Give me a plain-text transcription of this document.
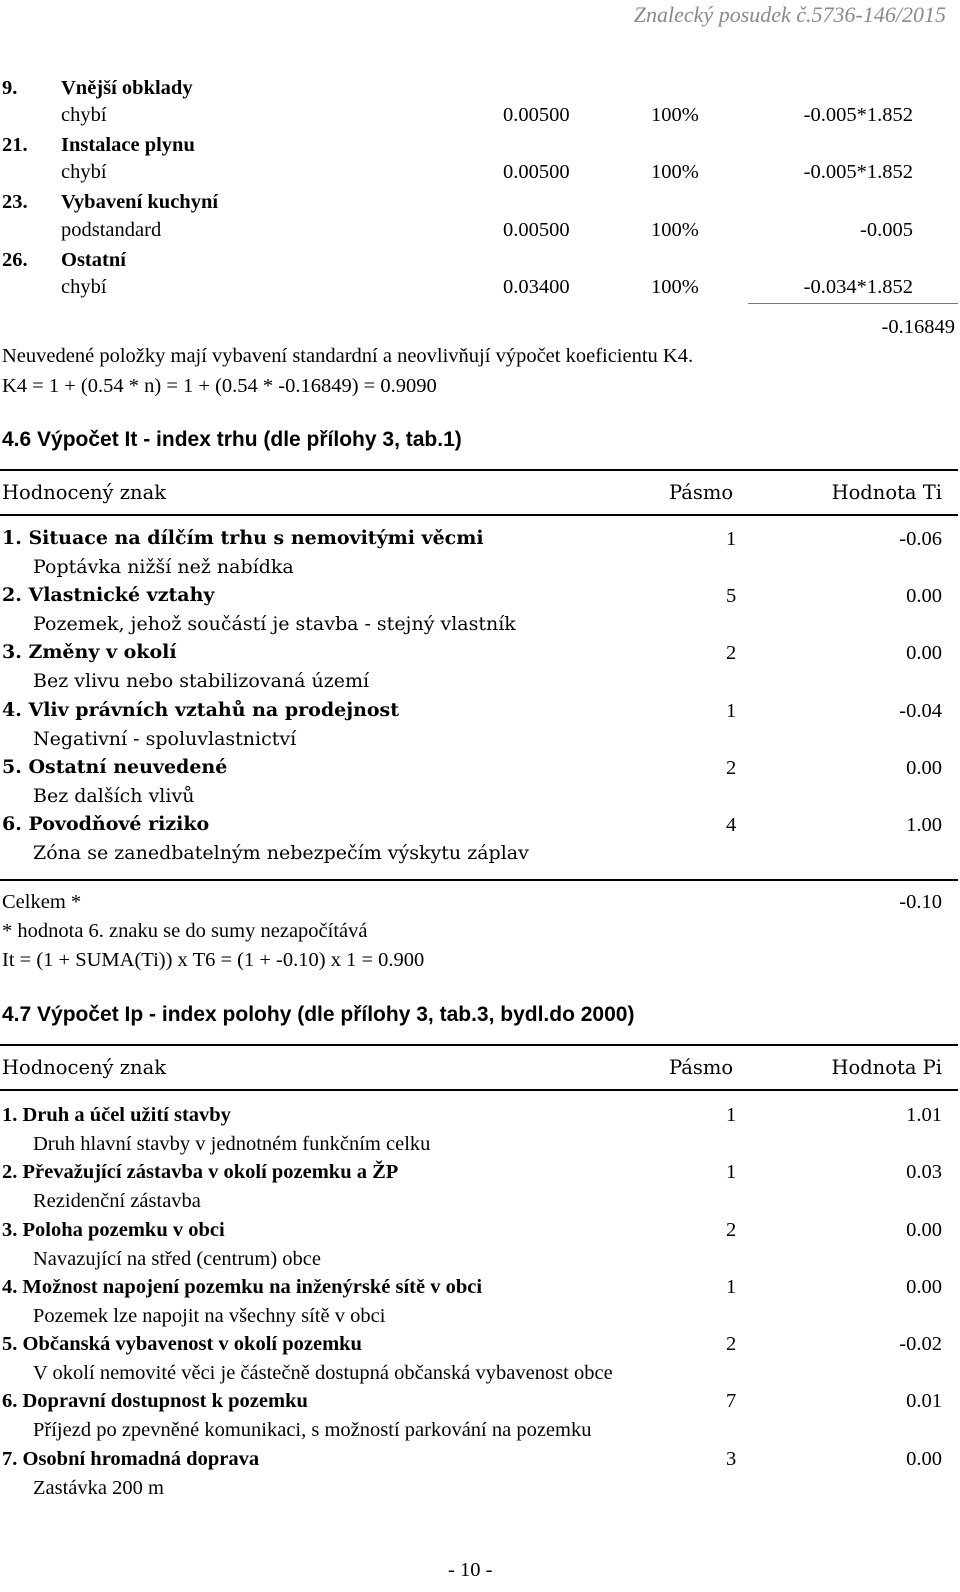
Znalecký posudek č.5736-146/2015
9. Vnější obklady
chybí	0.00500	100%	-0.005*1.852
21. Instalace plynu
chybí	0.00500	100%	-0.005*1.852
23. Vybavení kuchyní
podstandard	0.00500	100%	-0.005
26. Ostatní
chybí	0.03400	100%	-0.034*1.852
-0.16849
Neuvedené položky mají vybavení standardní a neovlivňují výpočet koeficientu K4.
K4 = 1 + (0.54 * n) = 1 + (0.54 * -0.16849) = 0.9090
4.6 Výpočet It - index trhu (dle přílohy 3, tab.1)
Hodnocený znak	Pásmo	Hodnota Ti
1. Situace na dílčím trhu s nemovitými věcmi
Poptávka nižší než nabídka
1	-0.06
2. Vlastnické vztahy
Pozemek, jehož součástí je stavba - stejný vlastník
5	0.00
3. Změny v okolí
Bez vlivu nebo stabilizovaná území
2	0.00
4. Vliv právních vztahů na prodejnost
Negativní - spoluvlastnictví
1	-0.04
5. Ostatní neuvedené
Bez dalších vlivů
2	0.00
6. Povodňové riziko
Zóna se zanedbatelným nebezpečím výskytu záplav
4	1.00
Celkem *	-0.10
* hodnota 6. znaku se do sumy nezapočítává
It = (1 + SUMA(Ti)) x T6 = (1 + -0.10) x 1 = 0.900
4.7 Výpočet Ip - index polohy (dle přílohy 3, tab.3, bydl.do 2000)
Hodnocený znak	Pásmo	Hodnota Pi
1. Druh a účel užití stavby
Druh hlavní stavby v jednotném funkčním celku
1	1.01
2. Převažující zástavba v okolí pozemku a ŽP
Rezidenční zástavba
1	0.03
3. Poloha pozemku v obci
Navazující na střed (centrum) obce
2	0.00
4. Možnost napojení pozemku na inženýrské sítě v obci
Pozemek lze napojit na všechny sítě v obci
1	0.00
5. Občanská vybavenost v okolí pozemku
V okolí nemovité věci je částečně dostupná občanská vybavenost obce
2	-0.02
6. Dopravní dostupnost k pozemku
Příjezd po zpevněné komunikaci, s možností parkování na pozemku
7	0.01
7. Osobní hromadná doprava
Zastávka 200 m
3	0.00
- 10 -
